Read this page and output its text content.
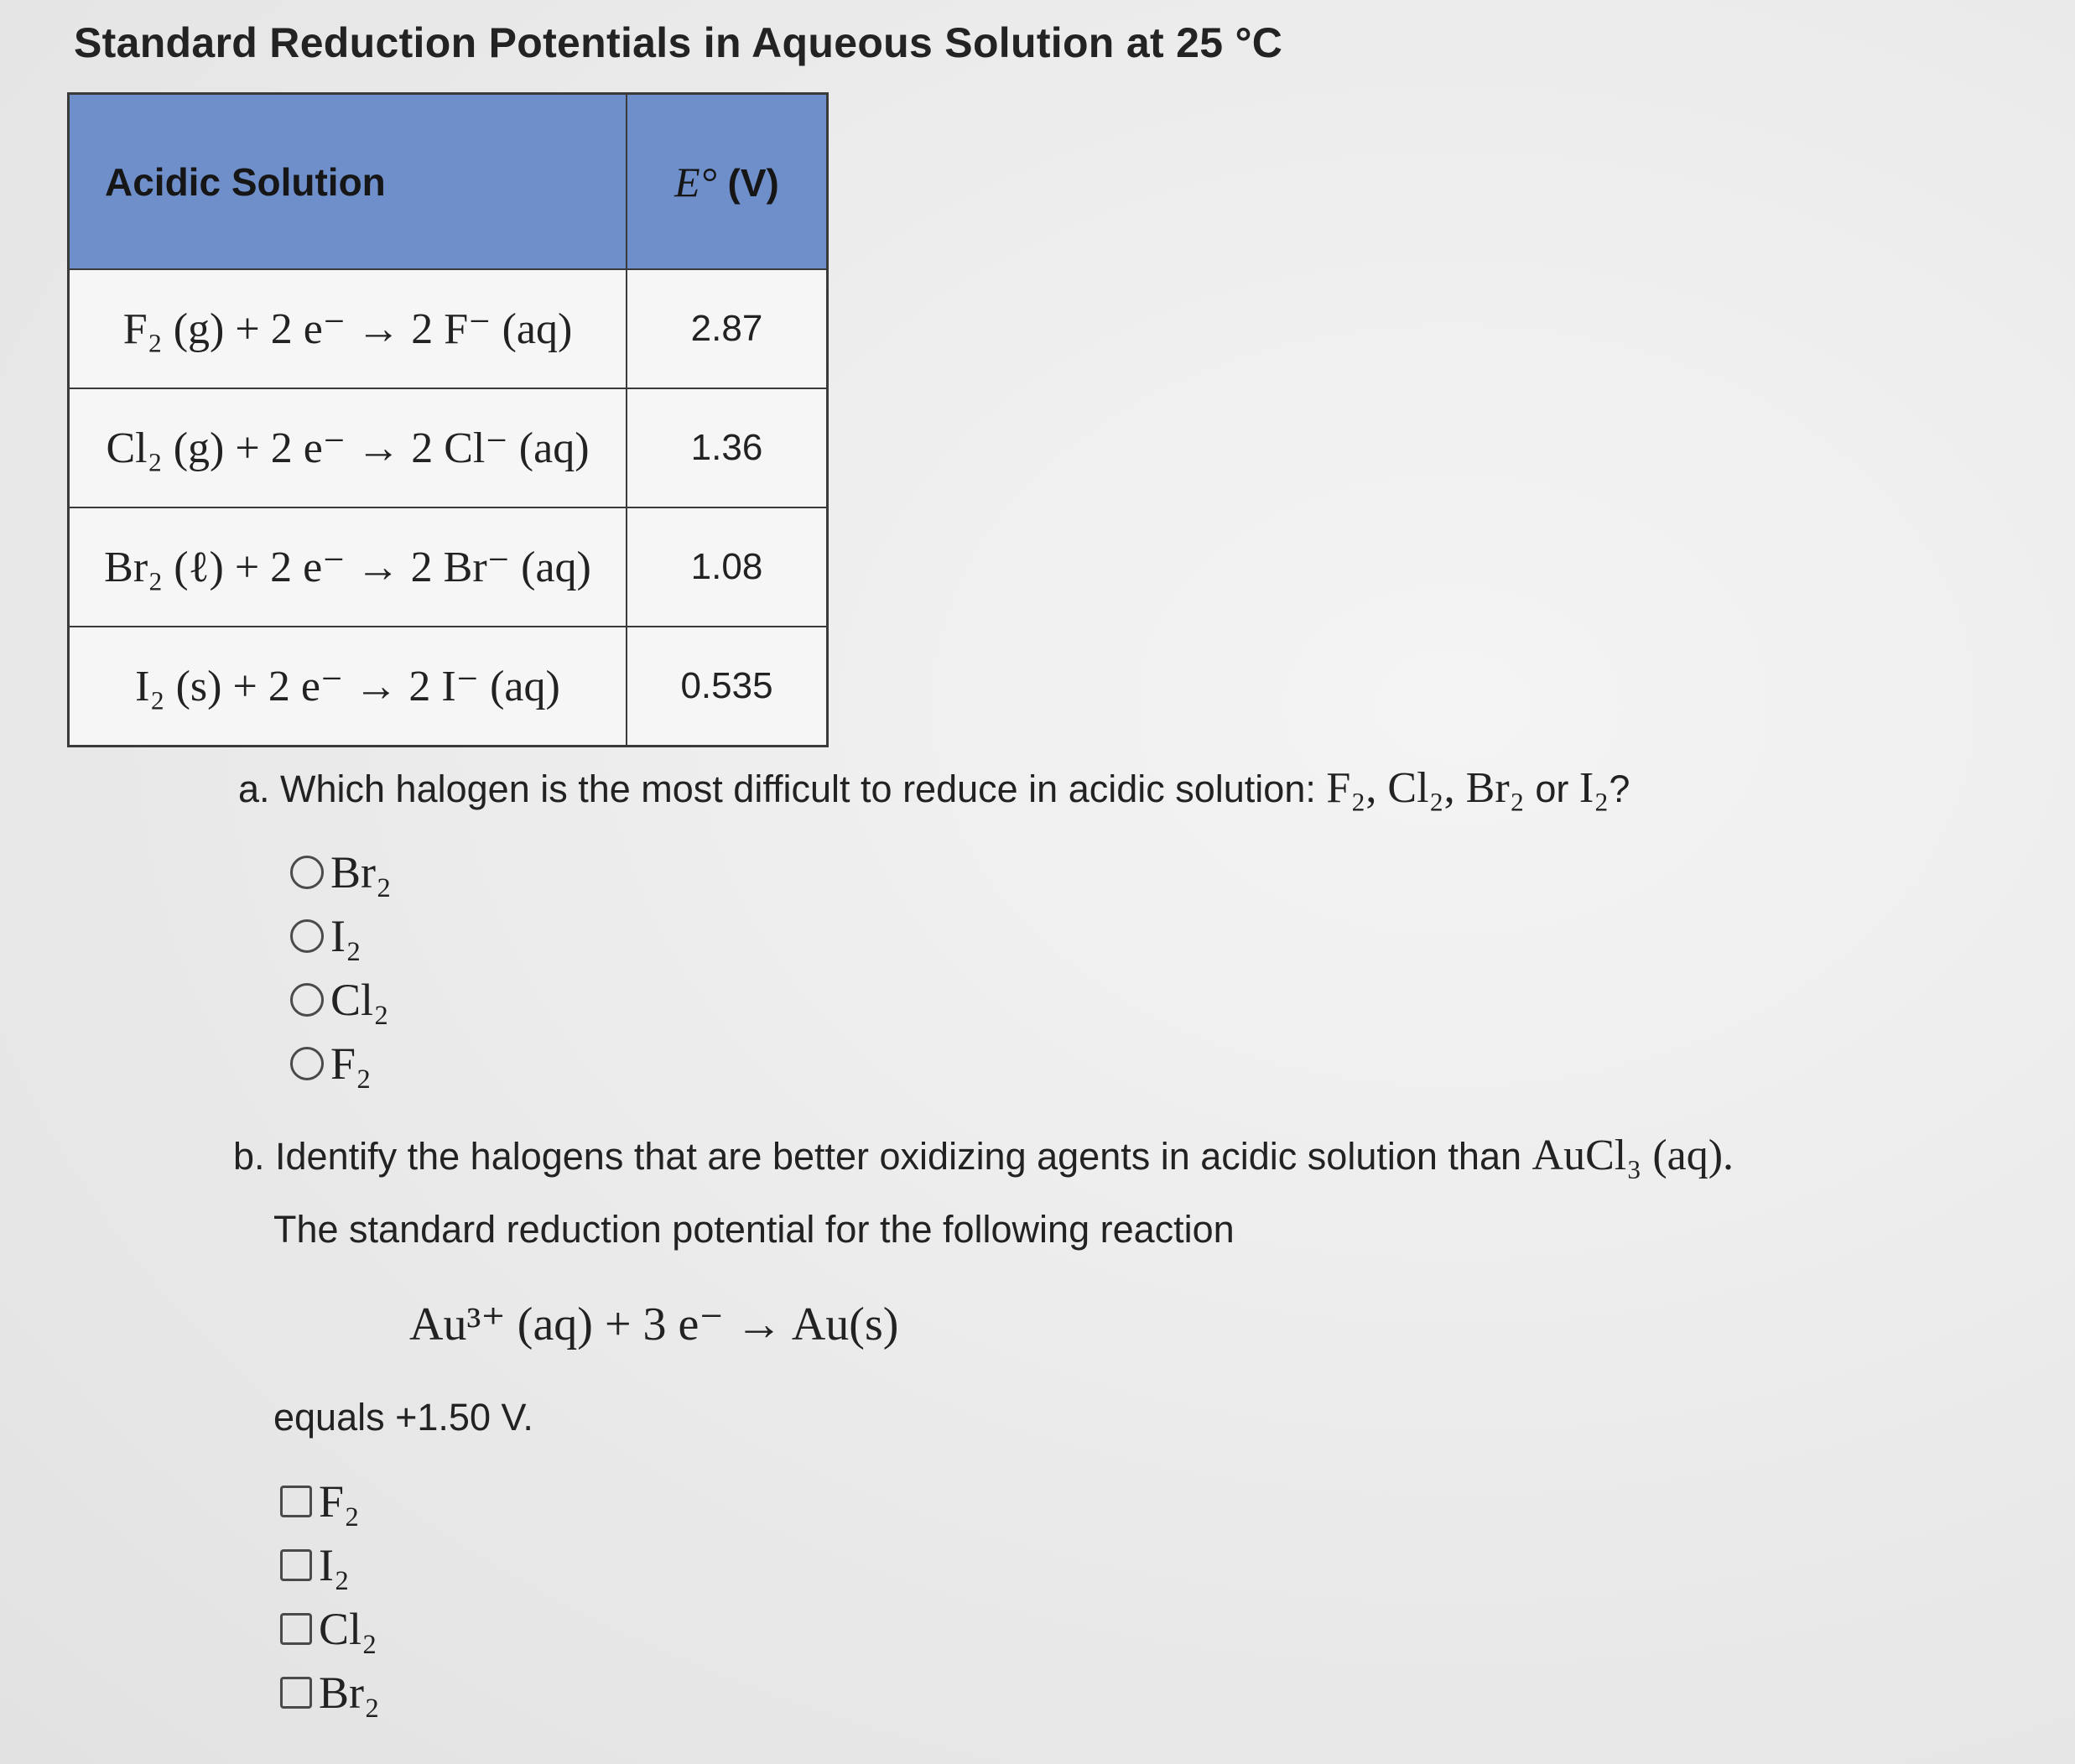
Standard Reduction Potentials in Aqueous Solution at 25 °C
Acidic Solution	E° (V)
F₂ (g) + 2 e⁻ → 2 F⁻ (aq)	2.87
Cl₂ (g) + 2 e⁻ → 2 Cl⁻ (aq)	1.36
Br₂ (ℓ) + 2 e⁻ → 2 Br⁻ (aq)	1.08
I₂ (s) + 2 e⁻ → 2 I⁻ (aq)	0.535

a. Which halogen is the most difficult to reduce in acidic solution: F₂, Cl₂, Br₂ or I₂?

Br₂
I₂
Cl₂
F₂

b. Identify the halogens that are better oxidizing agents in acidic solution than AuCl₃ (aq).

The standard reduction potential for the following reaction

Au³⁺ (aq) + 3 e⁻ → Au(s)

equals +1.50 V.

F₂
I₂
Cl₂
Br₂
